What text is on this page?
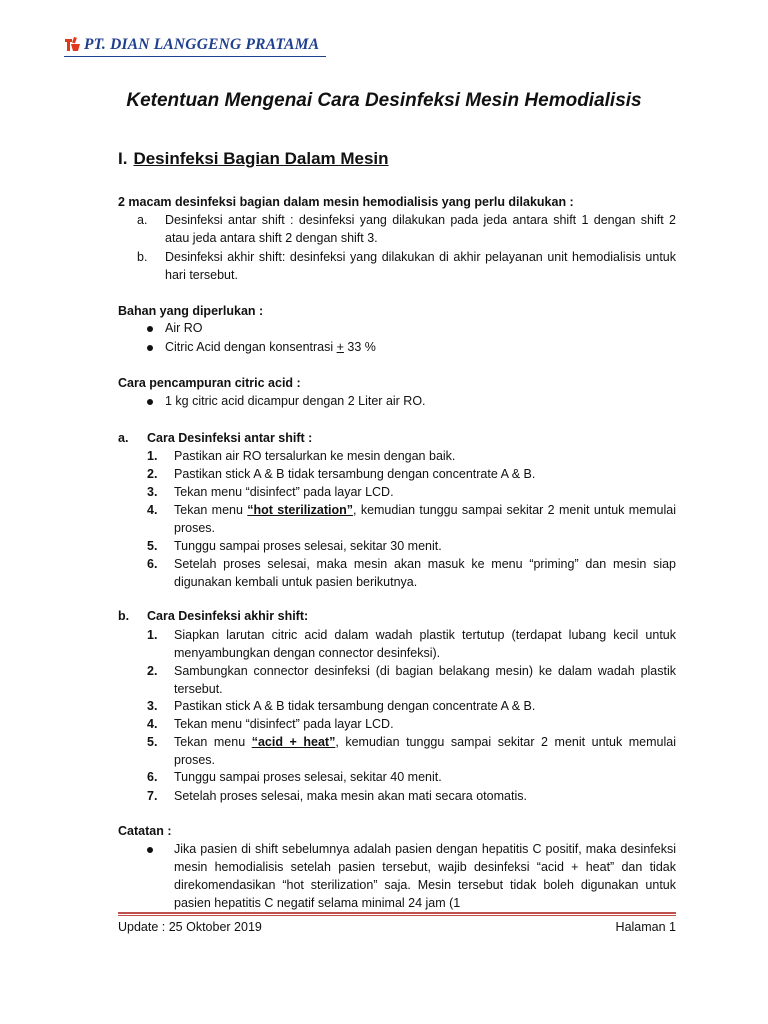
PT. DIAN LANGGENG PRATAMA
Ketentuan Mengenai Cara Desinfeksi Mesin Hemodialisis
I. Desinfeksi Bagian Dalam Mesin
2 macam desinfeksi bagian dalam mesin hemodialisis yang perlu dilakukan :
a. Desinfeksi antar shift : desinfeksi yang dilakukan pada jeda antara shift 1 dengan shift 2 atau jeda antara shift 2 dengan shift 3.
b. Desinfeksi akhir shift: desinfeksi yang dilakukan di akhir pelayanan unit hemodialisis untuk hari tersebut.
Bahan yang diperlukan :
Air RO
Citric Acid dengan konsentrasi + 33 %
Cara pencampuran citric acid :
1 kg citric acid dicampur dengan 2 Liter air RO.
a. Cara Desinfeksi antar shift :
1. Pastikan air RO tersalurkan ke mesin dengan baik.
2. Pastikan stick A & B tidak tersambung dengan concentrate A & B.
3. Tekan menu “disinfect” pada layar LCD.
4. Tekan menu “hot sterilization”, kemudian tunggu sampai sekitar 2 menit untuk memulai proses.
5. Tunggu sampai proses selesai, sekitar 30 menit.
6. Setelah proses selesai, maka mesin akan masuk ke menu “priming” dan mesin siap digunakan kembali untuk pasien berikutnya.
b. Cara Desinfeksi akhir shift:
1. Siapkan larutan citric acid dalam wadah plastik tertutup (terdapat lubang kecil untuk menyambungkan dengan connector desinfeksi).
2. Sambungkan connector desinfeksi (di bagian belakang mesin) ke dalam wadah plastik tersebut.
3. Pastikan stick A & B tidak tersambung dengan concentrate A & B.
4. Tekan menu “disinfect” pada layar LCD.
5. Tekan menu “acid + heat”, kemudian tunggu sampai sekitar 2 menit untuk memulai proses.
6. Tunggu sampai proses selesai, sekitar 40 menit.
7. Setelah proses selesai, maka mesin akan mati secara otomatis.
Catatan :
Jika pasien di shift sebelumnya adalah pasien dengan hepatitis C positif, maka desinfeksi mesin hemodialisis setelah pasien tersebut, wajib desinfeksi “acid + heat” dan tidak direkomendasikan “hot sterilization” saja. Mesin tersebut tidak boleh digunakan untuk pasien hepatitis C negatif selama minimal 24 jam (1
Update : 25 Oktober 2019	Halaman 1
